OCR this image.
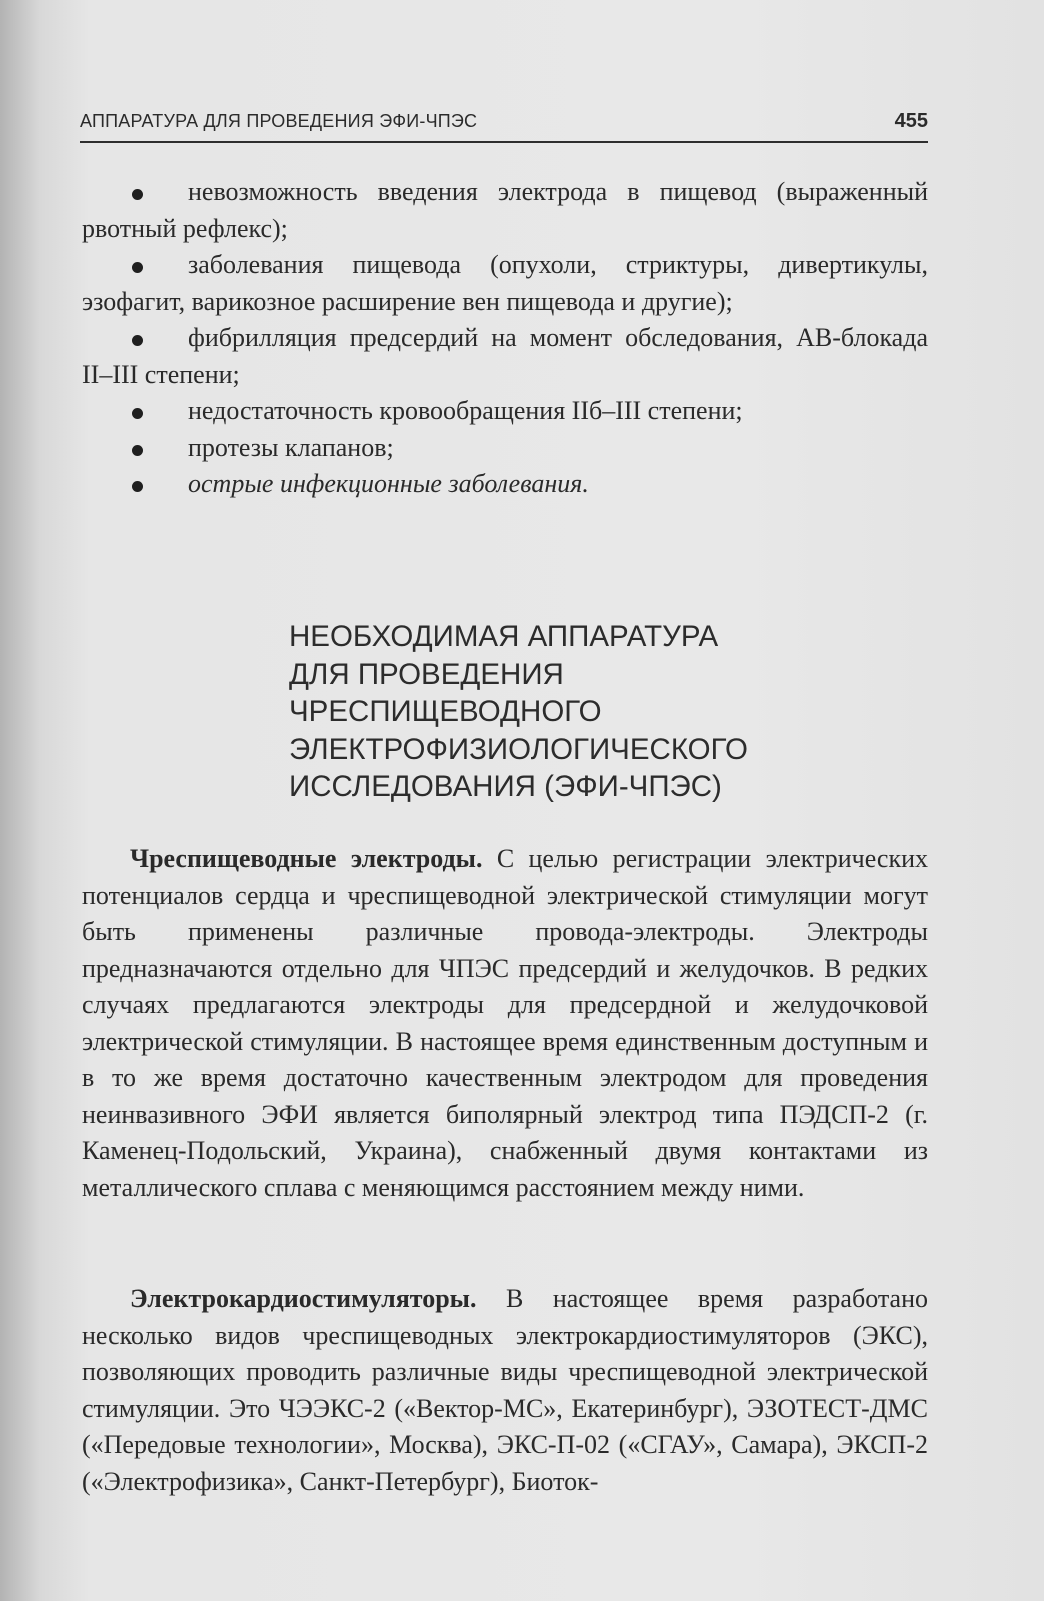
АППАРАТУРА ДЛЯ ПРОВЕДЕНИЯ ЭФИ-ЧПЭС	455
невозможность введения электрода в пищевод (выраженный рвотный рефлекс);
заболевания пищевода (опухоли, стриктуры, дивертикулы, эзофагит, варикозное расширение вен пищевода и другие);
фибрилляция предсердий на момент обследования, АВ-блокада II–III степени;
недостаточность кровообращения IIб–III степени;
протезы клапанов;
острые инфекционные заболевания.
НЕОБХОДИМАЯ АППАРАТУРА
ДЛЯ ПРОВЕДЕНИЯ
ЧРЕСПИЩЕВОДНОГО
ЭЛЕКТРОФИЗИОЛОГИЧЕСКОГО
ИССЛЕДОВАНИЯ (ЭФИ-ЧПЭС)

Чреспищеводные электроды. С целью регистрации электрических потенциалов сердца и чреспищеводной электрической стимуляции могут быть применены различные провода-электроды. Электроды предназначаются отдельно для ЧПЭС предсердий и желудочков. В редких случаях предлагаются электроды для предсердной и желудочковой электрической стимуляции. В настоящее время единственным доступным и в то же время достаточно качественным электродом для проведения неинвазивного ЭФИ является биполярный электрод типа ПЭДСП-2 (г. Каменец-Подольский, Украина), снабженный двумя контактами из металлического сплава с меняющимся расстоянием между ними.

Электрокардиостимуляторы. В настоящее время разработано несколько видов чреспищеводных электрокардиостимуляторов (ЭКС), позволяющих проводить различные виды чреспищеводной электрической стимуляции. Это ЧЭЭКС-2 («Вектор-МС», Екатеринбург), ЭЗОТЕСТ-ДМС («Передовые технологии», Москва), ЭКС-П-02 («СГАУ», Самара), ЭКСП-2 («Электрофизика», Санкт-Петербург), Биоток-
